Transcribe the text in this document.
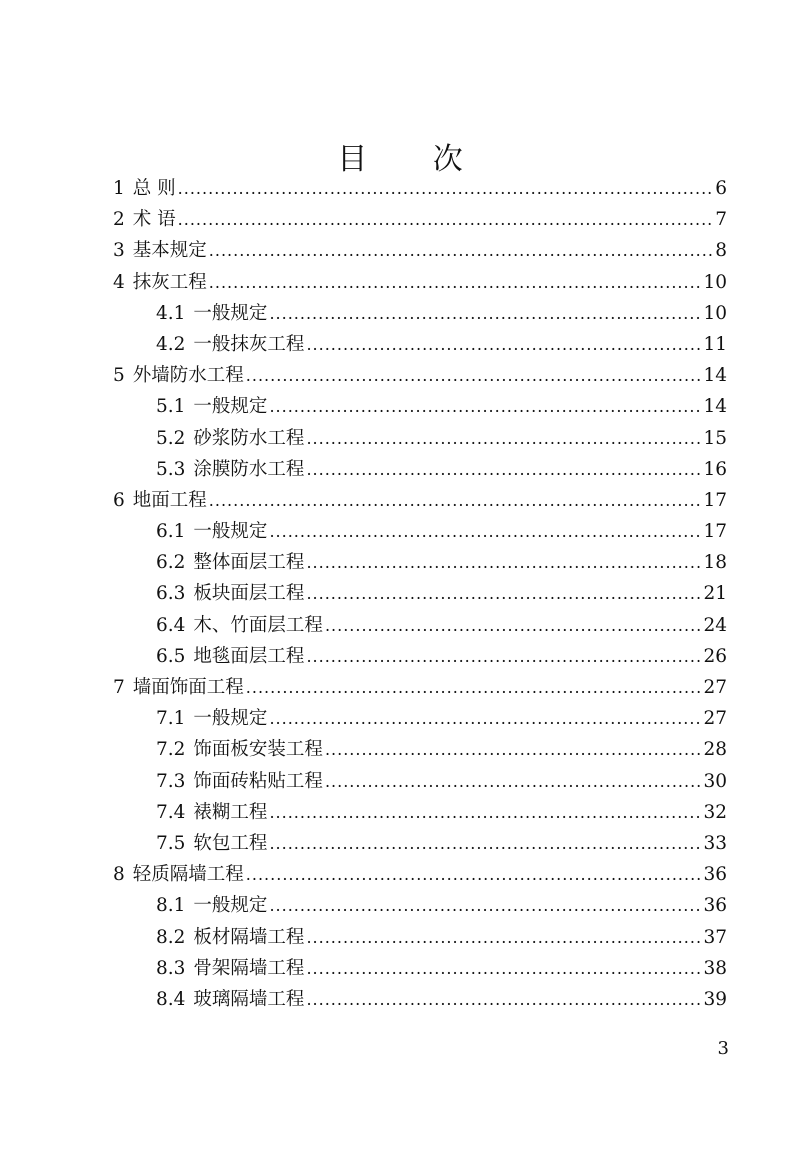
目 次
1 总 则 .....	6
2 术 语 .....	7
3 基本规定 .....	8
4 抹灰工程 .....	10
4.1 一般规定 .....	10
4.2 一般抹灰工程 .....	11
5 外墙防水工程 .....	14
5.1 一般规定 .....	14
5.2 砂浆防水工程 .....	15
5.3 涂膜防水工程 .....	16
6 地面工程 .....	17
6.1 一般规定 .....	17
6.2 整体面层工程 .....	18
6.3 板块面层工程 .....	21
6.4 木、竹面层工程 .....	24
6.5 地毯面层工程 .....	26
7 墙面饰面工程 .....	27
7.1 一般规定 .....	27
7.2 饰面板安装工程 .....	28
7.3 饰面砖粘贴工程 .....	30
7.4 裱糊工程 .....	32
7.5 软包工程 .....	33
8 轻质隔墙工程 .....	36
8.1 一般规定 .....	36
8.2 板材隔墙工程 .....	37
8.3 骨架隔墙工程 .....	38
8.4 玻璃隔墙工程 .....	39
3
